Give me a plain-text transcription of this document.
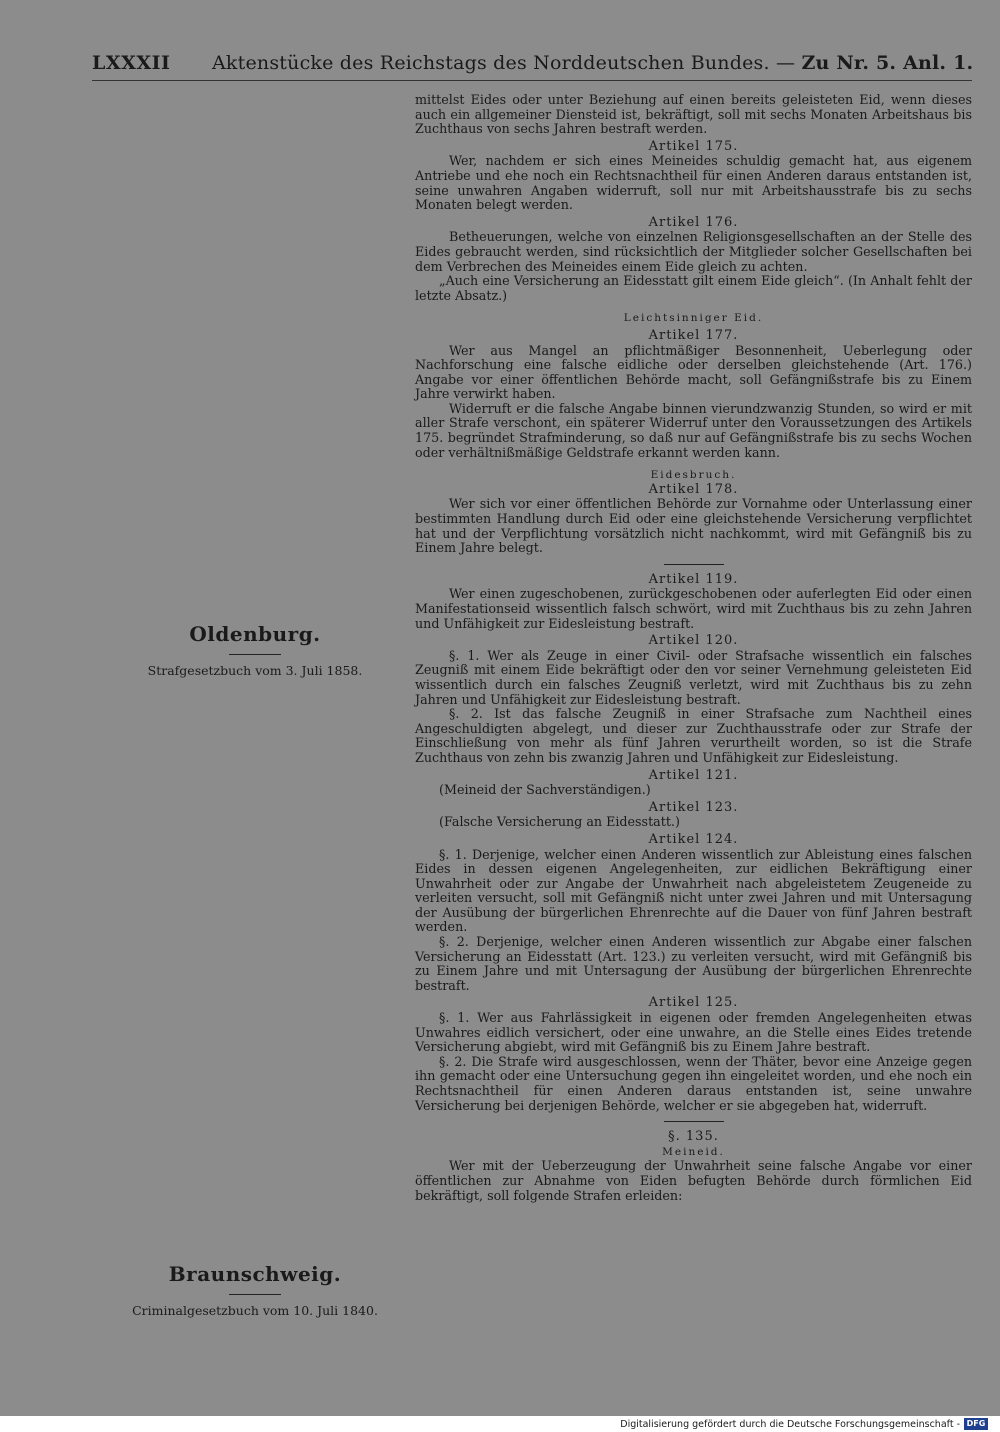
LXXXII Aktenstücke des Reichstags des Norddeutschen Bundes. — Zu Nr. 5. Anl. 1.
Oldenburg.
Strafgesetzbuch vom 3. Juli 1858.
Braunschweig.
Criminalgesetzbuch vom 10. Juli 1840.

mittelst Eides oder unter Beziehung auf einen bereits geleisteten Eid, wenn dieses auch ein allgemeiner Diensteid ist, bekräftigt, soll mit sechs Monaten Arbeitshaus bis Zuchthaus von sechs Jahren bestraft werden.

Artikel 175.

Wer, nachdem er sich eines Meineides schuldig gemacht hat, aus eigenem Antriebe und ehe noch ein Rechtsnachtheil für einen Anderen daraus entstanden ist, seine unwahren Angaben widerruft, soll nur mit Arbeitshausstrafe bis zu sechs Monaten belegt werden.

Artikel 176.

Betheuerungen, welche von einzelnen Religionsgesellschaften an der Stelle des Eides gebraucht werden, sind rücksichtlich der Mitglieder solcher Gesellschaften bei dem Verbrechen des Meineides einem Eide gleich zu achten.

„Auch eine Versicherung an Eidesstatt gilt einem Eide gleich“. (In Anhalt fehlt der letzte Absatz.)

Leichtsinniger Eid.
Artikel 177.

Wer aus Mangel an pflichtmäßiger Besonnenheit, Ueberlegung oder Nachforschung eine falsche eidliche oder derselben gleichstehende (Art. 176.) Angabe vor einer öffentlichen Behörde macht, soll Gefängnißstrafe bis zu Einem Jahre verwirkt haben.

Widerruft er die falsche Angabe binnen vierundzwanzig Stunden, so wird er mit aller Strafe verschont, ein späterer Widerruf unter den Voraussetzungen des Artikels 175. begründet Strafminderung, so daß nur auf Gefängnißstrafe bis zu sechs Wochen oder verhältnißmäßige Geldstrafe erkannt werden kann.

Eidesbruch.
Artikel 178.

Wer sich vor einer öffentlichen Behörde zur Vornahme oder Unterlassung einer bestimmten Handlung durch Eid oder eine gleichstehende Versicherung verpflichtet hat und der Verpflichtung vorsätzlich nicht nachkommt, wird mit Gefängniß bis zu Einem Jahre belegt.

Artikel 119.

Wer einen zugeschobenen, zurückgeschobenen oder auferlegten Eid oder einen Manifestationseid wissentlich falsch schwört, wird mit Zuchthaus bis zu zehn Jahren und Unfähigkeit zur Eidesleistung bestraft.

Artikel 120.

§. 1. Wer als Zeuge in einer Civil- oder Strafsache wissentlich ein falsches Zeugniß mit einem Eide bekräftigt oder den vor seiner Vernehmung geleisteten Eid wissentlich durch ein falsches Zeugniß verletzt, wird mit Zuchthaus bis zu zehn Jahren und Unfähigkeit zur Eidesleistung bestraft.

§. 2. Ist das falsche Zeugniß in einer Strafsache zum Nachtheil eines Angeschuldigten abgelegt, und dieser zur Zuchthausstrafe oder zur Strafe der Einschließung von mehr als fünf Jahren verurtheilt worden, so ist die Strafe Zuchthaus von zehn bis zwanzig Jahren und Unfähigkeit zur Eidesleistung.

Artikel 121.

(Meineid der Sachverständigen.)

Artikel 123.

(Falsche Versicherung an Eidesstatt.)

Artikel 124.

§. 1. Derjenige, welcher einen Anderen wissentlich zur Ableistung eines falschen Eides in dessen eigenen Angelegenheiten, zur eidlichen Bekräftigung einer Unwahrheit oder zur Angabe der Unwahrheit nach abgeleistetem Zeugeneide zu verleiten versucht, soll mit Gefängniß nicht unter zwei Jahren und mit Untersagung der Ausübung der bürgerlichen Ehrenrechte auf die Dauer von fünf Jahren bestraft werden.

§. 2. Derjenige, welcher einen Anderen wissentlich zur Abgabe einer falschen Versicherung an Eidesstatt (Art. 123.) zu verleiten versucht, wird mit Gefängniß bis zu Einem Jahre und mit Untersagung der Ausübung der bürgerlichen Ehrenrechte bestraft.

Artikel 125.

§. 1. Wer aus Fahrlässigkeit in eigenen oder fremden Angelegenheiten etwas Unwahres eidlich versichert, oder eine unwahre, an die Stelle eines Eides tretende Versicherung abgiebt, wird mit Gefängniß bis zu Einem Jahre bestraft.

§. 2. Die Strafe wird ausgeschlossen, wenn der Thäter, bevor eine Anzeige gegen ihn gemacht oder eine Untersuchung gegen ihn eingeleitet worden, und ehe noch ein Rechtsnachtheil für einen Anderen daraus entstanden ist, seine unwahre Versicherung bei derjenigen Behörde, welcher er sie abgegeben hat, widerruft.

§. 135.
Meineid.

Wer mit der Ueberzeugung der Unwahrheit seine falsche Angabe vor einer öffentlichen zur Abnahme von Eiden befugten Behörde durch förmlichen Eid bekräftigt, soll folgende Strafen erleiden:

Digitalisierung gefördert durch die Deutsche Forschungsgemeinschaft - DFG
